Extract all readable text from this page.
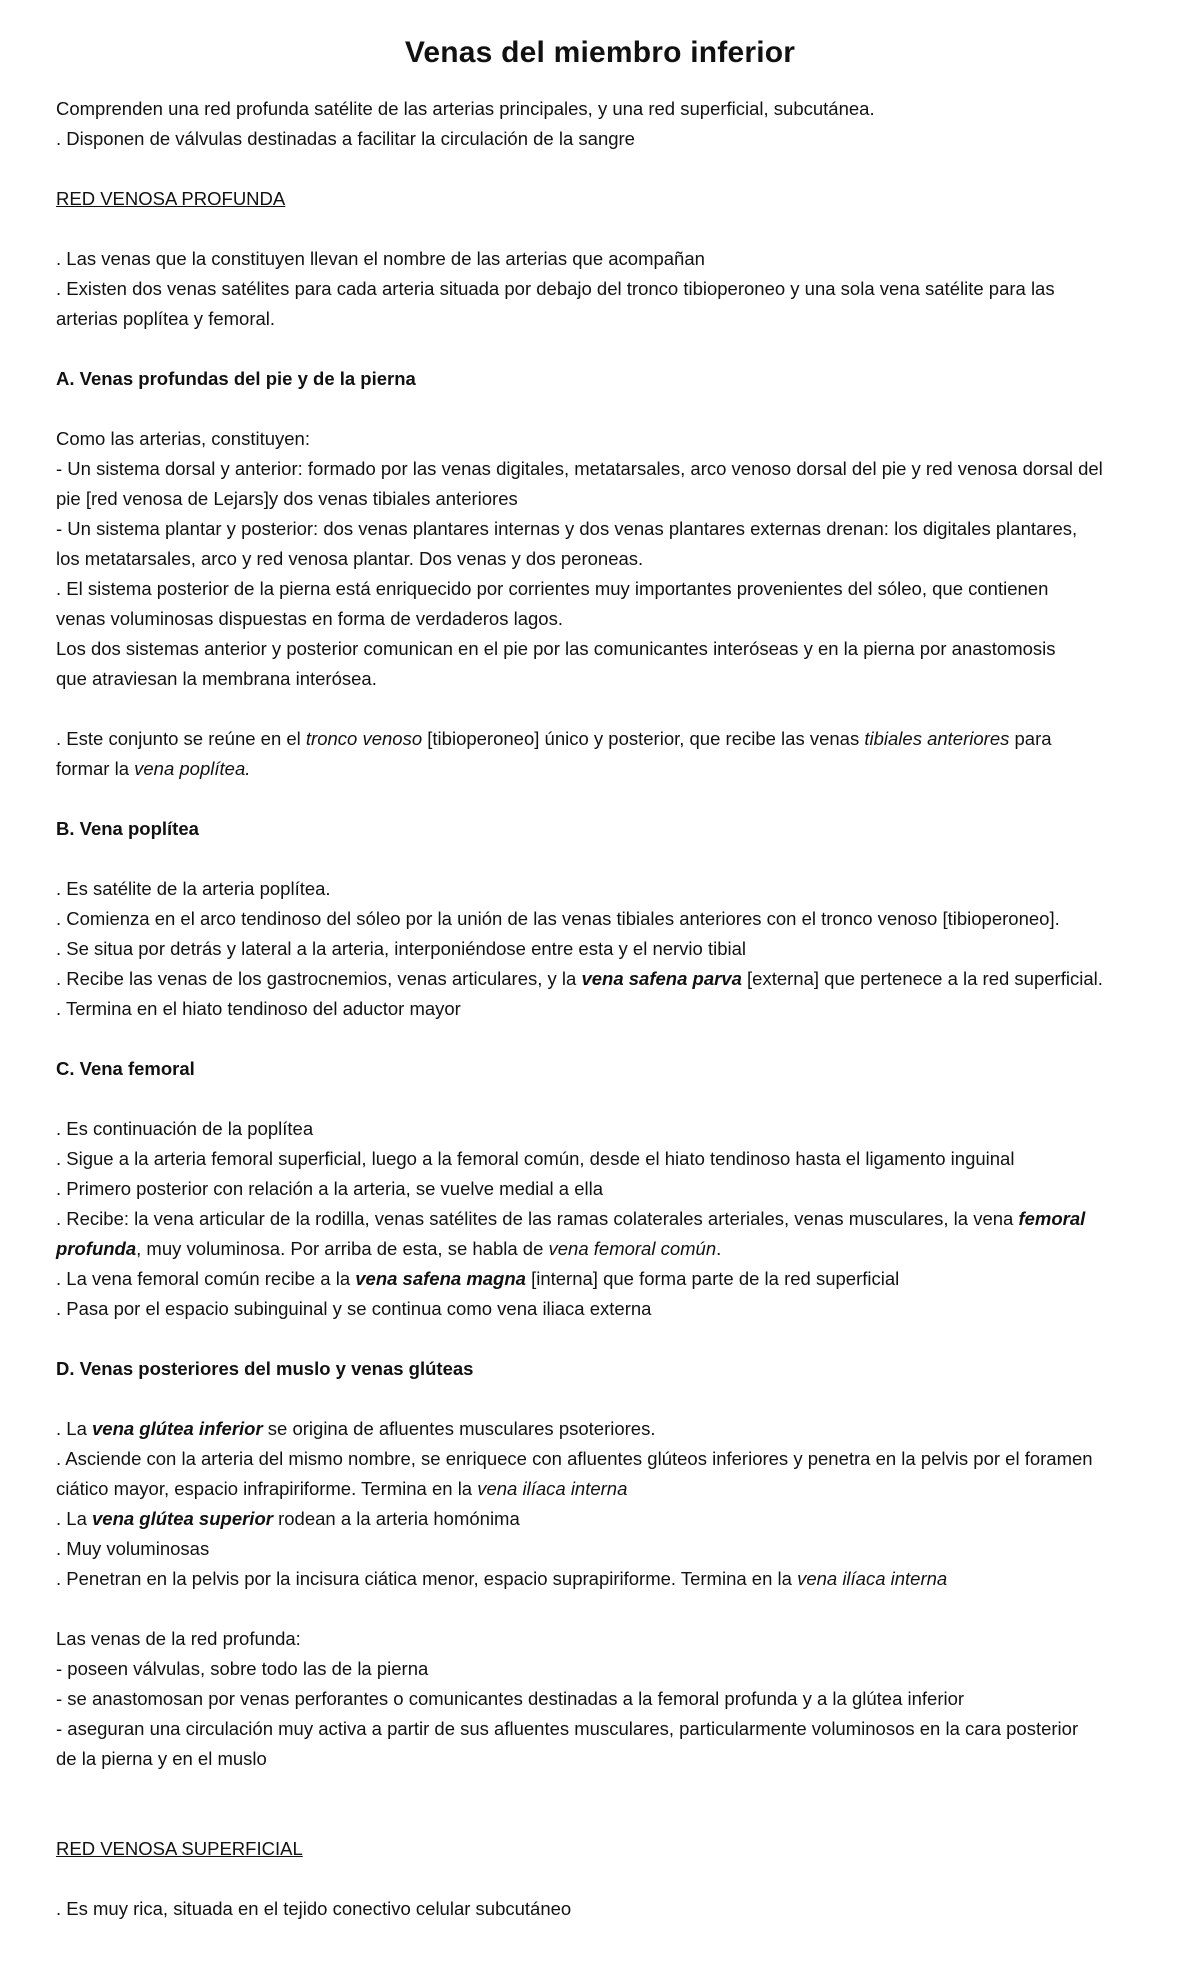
Venas del miembro inferior
Comprenden una red profunda satélite de las arterias principales, y una red superficial, subcutánea.
. Disponen de válvulas destinadas a facilitar la circulación de la sangre
RED VENOSA PROFUNDA
. Las venas que la constituyen llevan el nombre de las arterias que acompañan
. Existen dos venas satélites para cada arteria situada por debajo del tronco tibioperoneo y una sola vena satélite para las
arterias poplítea y femoral.
A. Venas profundas del pie y de la pierna
Como las arterias, constituyen:
- Un sistema dorsal y anterior: formado por las venas digitales, metatarsales, arco venoso dorsal del pie y red venosa dorsal del
pie [red venosa de Lejars]y dos venas tibiales anteriores
- Un sistema plantar y posterior: dos venas plantares internas y dos venas plantares externas drenan: los digitales plantares,
los metatarsales, arco y red venosa plantar. Dos venas y dos peroneas.
. El sistema posterior de la pierna está enriquecido por corrientes muy importantes provenientes del sóleo, que contienen
venas voluminosas dispuestas en forma de verdaderos lagos.
Los dos sistemas anterior y posterior comunican en el pie por las comunicantes interóseas y en la pierna por anastomosis
que atraviesan la membrana interósea.
. Este conjunto se reúne en el tronco venoso [tibioperoneo] único y posterior, que recibe las venas tibiales anteriores para
formar la vena poplítea.
B. Vena poplítea
. Es satélite de la arteria poplítea.
. Comienza en el arco tendinoso del sóleo por la unión de las venas tibiales anteriores con el tronco venoso [tibioperoneo].
. Se situa por detrás y lateral a la arteria, interponiéndose entre esta y el nervio tibial
. Recibe las venas de los gastrocnemios, venas articulares, y la vena safena parva [externa] que pertenece a la red superficial.
. Termina en el hiato tendinoso del aductor mayor
C. Vena femoral
. Es continuación de la poplítea
. Sigue a la arteria femoral superficial, luego a la femoral común, desde el hiato tendinoso hasta el ligamento inguinal
. Primero posterior con relación a la arteria, se vuelve medial a ella
. Recibe: la vena articular de la rodilla, venas satélites de las ramas colaterales arteriales, venas musculares, la vena femoral
profunda, muy voluminosa. Por arriba de esta, se habla de vena femoral común.
. La vena femoral común recibe a la vena safena magna [interna] que forma parte de la red superficial
. Pasa por el espacio subinguinal y se continua como vena iliaca externa
D. Venas posteriores del muslo y venas glúteas
. La vena glútea inferior se origina de afluentes musculares psoteriores.
. Asciende con la arteria del mismo nombre, se enriquece con afluentes glúteos inferiores y penetra en la pelvis por el foramen
ciático mayor, espacio infrapiriforme. Termina en la vena ilíaca interna
. La vena glútea superior rodean a la arteria homónima
. Muy voluminosas
. Penetran en la pelvis por la incisura ciática menor, espacio suprapiriforme. Termina en la vena ilíaca interna
Las venas de la red profunda:
- poseen válvulas, sobre todo las de la pierna
- se anastomosan por venas perforantes o comunicantes destinadas a la femoral profunda y a la glútea inferior
- aseguran una circulación muy activa a partir de sus afluentes musculares, particularmente voluminosos en la cara posterior
de la pierna y en el muslo
RED VENOSA SUPERFICIAL
. Es muy rica, situada en el tejido conectivo celular subcutáneo
